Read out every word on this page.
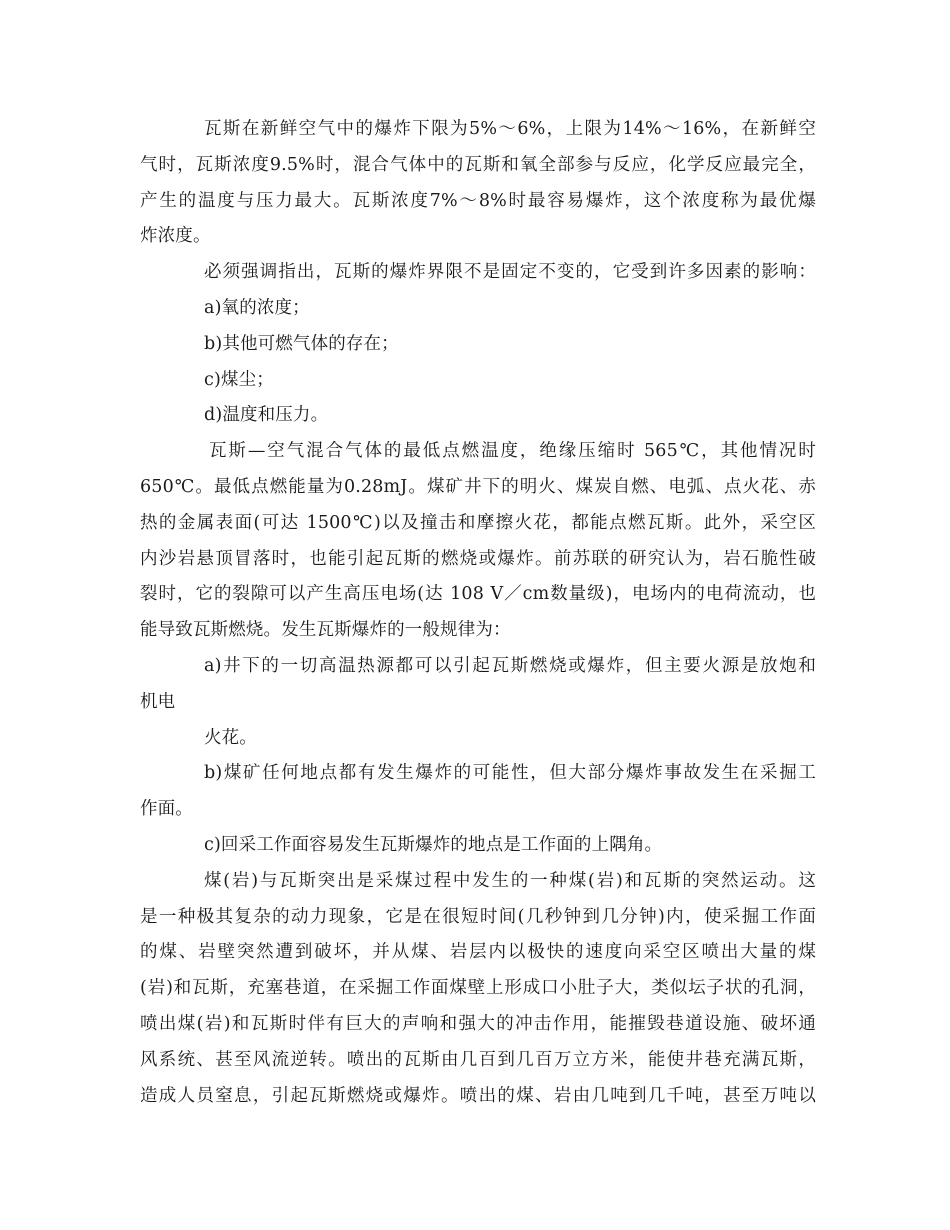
瓦斯在新鲜空气中的爆炸下限为5%～6%，上限为14%～16%，在新鲜空
气时，瓦斯浓度9.5%时，混合气体中的瓦斯和氧全部参与反应，化学反应最完全，
产生的温度与压力最大。瓦斯浓度7%～8%时最容易爆炸，这个浓度称为最优爆
炸浓度。
必须强调指出，瓦斯的爆炸界限不是固定不变的，它受到许多因素的影响：
a)氧的浓度；
b)其他可燃气体的存在；
c)煤尘；
d)温度和压力。
瓦斯—空气混合气体的最低点燃温度，绝缘压缩时 565℃，其他情况时
650℃。最低点燃能量为0.28mJ。煤矿井下的明火、煤炭自燃、电弧、点火花、赤
热的金属表面(可达 1500℃)以及撞击和摩擦火花，都能点燃瓦斯。此外，采空区
内沙岩悬顶冒落时，也能引起瓦斯的燃烧或爆炸。前苏联的研究认为，岩石脆性破
裂时，它的裂隙可以产生高压电场(达 108 V／cm数量级)，电场内的电荷流动，也
能导致瓦斯燃烧。发生瓦斯爆炸的一般规律为：
a)井下的一切高温热源都可以引起瓦斯燃烧或爆炸，但主要火源是放炮和
机电
火花。
b)煤矿任何地点都有发生爆炸的可能性，但大部分爆炸事故发生在采掘工
作面。
c)回采工作面容易发生瓦斯爆炸的地点是工作面的上隅角。
煤(岩)与瓦斯突出是采煤过程中发生的一种煤(岩)和瓦斯的突然运动。这
是一种极其复杂的动力现象，它是在很短时间(几秒钟到几分钟)内，使采掘工作面
的煤、岩壁突然遭到破坏，并从煤、岩层内以极快的速度向采空区喷出大量的煤
(岩)和瓦斯，充塞巷道，在采掘工作面煤壁上形成口小肚子大，类似坛子状的孔洞，
喷出煤(岩)和瓦斯时伴有巨大的声响和强大的冲击作用，能摧毁巷道设施、破坏通
风系统、甚至风流逆转。喷出的瓦斯由几百到几百万立方米，能使井巷充满瓦斯，
造成人员窒息，引起瓦斯燃烧或爆炸。喷出的煤、岩由几吨到几千吨，甚至万吨以
